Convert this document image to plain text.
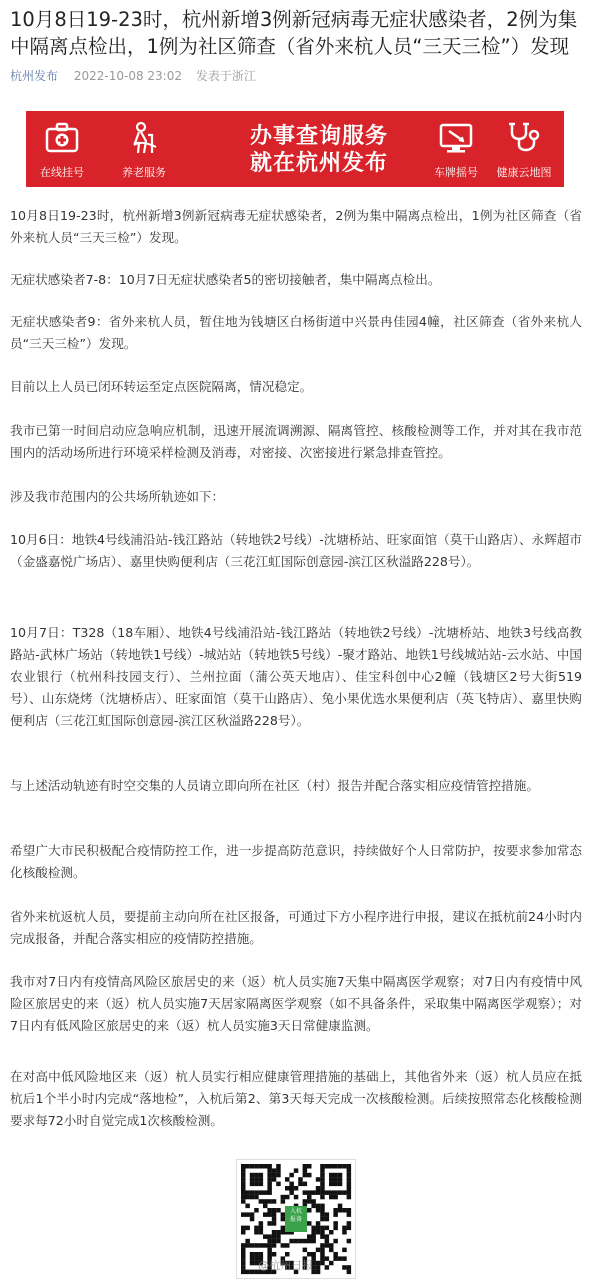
10月8日19-23时，杭州新增3例新冠病毒无症状感染者，2例为集中隔离点检出，1例为社区筛查（省外来杭人员“三天三检”）发现
杭州发布 2022-10-08 23:02 发表于浙江
在线挂号	养老服务
办事查询服务
就在杭州发布	车牌摇号	健康云地图

10月8日19-23时，杭州新增3例新冠病毒无症状感染者，2例为集中隔离点检出，1例为社区筛查（省外来杭人员“三天三检”）发现。

无症状感染者7-8：10月7日无症状感染者5的密切接触者，集中隔离点检出。

无症状感染者9：省外来杭人员，暂住地为钱塘区白杨街道中兴景冉佳园4幢，社区筛查（省外来杭人员“三天三检”）发现。

目前以上人员已闭环转运至定点医院隔离，情况稳定。

我市已第一时间启动应急响应机制，迅速开展流调溯源、隔离管控、核酸检测等工作，并对其在我市范围内的活动场所进行环境采样检测及消毒，对密接、次密接进行紧急排查管控。

涉及我市范围内的公共场所轨迹如下：

10月6日：地铁4号线浦沿站-钱江路站（转地铁2号线）-沈塘桥站、旺家面馆（莫干山路店）、永辉超市（金盛嘉悦广场店）、嘉里快购便利店（三花江虹国际创意园-滨江区秋溢路228号）。

10月7日：T328（18车厢）、地铁4号线浦沿站-钱江路站（转地铁2号线）-沈塘桥站、地铁3号线高教路站-武林广场站（转地铁1号线）-城站站（转地铁5号线）-聚才路站、地铁1号线城站站-云水站、中国农业银行（杭州科技园支行）、兰州拉面（蒲公英天地店）、佳宝科创中心2幢（钱塘区2号大街519号）、山东烧烤（沈塘桥店）、旺家面馆（莫干山路店）、兔小果优选水果便利店（英飞特店）、嘉里快购便利店（三花江虹国际创意园-滨江区秋溢路228号）。

与上述活动轨迹有时空交集的人员请立即向所在社区（村）报告并配合落实相应疫情管控措施。

希望广大市民积极配合疫情防控工作，进一步提高防范意识，持续做好个人日常防护，按要求参加常态化核酸检测。

省外来杭返杭人员，要提前主动向所在社区报备，可通过下方小程序进行申报，建议在抵杭前24小时内完成报备，并配合落实相应的疫情防控措施。

我市对7日内有疫情高风险区旅居史的来（返）杭人员实施7天集中隔离医学观察；对7日内有疫情中风险区旅居史的来（返）杭人员实施7天居家隔离医学观察（如不具备条件，采取集中隔离医学观察）；对7日内有低风险区旅居史的来（返）杭人员实施3天日常健康监测。

在对高中低风险地区来（返）杭人员实行相应健康管理措施的基础上，其他省外来（返）杭人员应在抵杭后1个半小时内完成“落地检”，入杭后第2、第3天每天完成一次核酸检测。后续按照常态化核酸检测要求每72小时自觉完成1次核酸检测。

入杭
报备
@杭州日报
